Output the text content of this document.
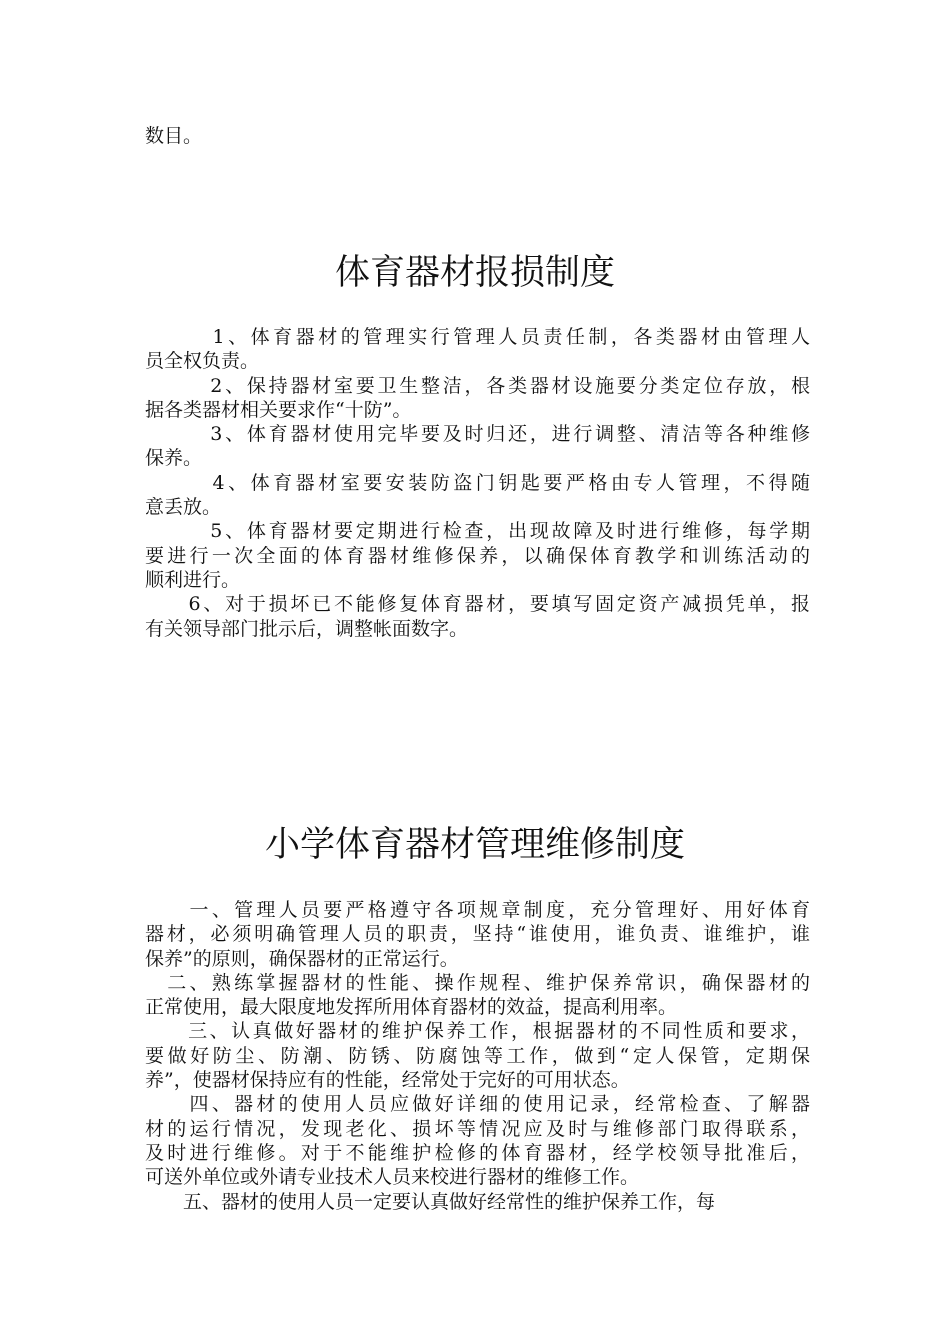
数目。

体育器材报损制度
　　　1、体育器材的管理实行管理人员责任制，各类器材由管理人
员全权负责。
　　　2、保持器材室要卫生整洁，各类器材设施要分类定位存放，根
据各类器材相关要求作“十防”。
　　　3、体育器材使用完毕要及时归还，进行调整、清洁等各种维修
保养。
　　　4、体育器材室要安装防盗门钥匙要严格由专人管理，不得随
意丢放。
　　　5、体育器材要定期进行检查，出现故障及时进行维修，每学期
要进行一次全面的体育器材维修保养，以确保体育教学和训练活动的
顺利进行。
　　6、对于损坏已不能修复体育器材，要填写固定资产减损凭单，报
有关领导部门批示后，调整帐面数字。
小学体育器材管理维修制度
　　一、管理人员要严格遵守各项规章制度，充分管理好、用好体育
器材，必须明确管理人员的职责，坚持“谁使用，谁负责、谁维护，谁
保养”的原则，确保器材的正常运行。
　二、熟练掌握器材的性能、操作规程、维护保养常识，确保器材的
正常使用，最大限度地发挥所用体育器材的效益，提高利用率。
　　三、认真做好器材的维护保养工作，根据器材的不同性质和要求，
要做好防尘、防潮、防锈、防腐蚀等工作，做到“定人保管，定期保
养”，使器材保持应有的性能，经常处于完好的可用状态。
　　四、器材的使用人员应做好详细的使用记录，经常检查、了解器
材的运行情况，发现老化、损坏等情况应及时与维修部门取得联系，
及时进行维修。对于不能维护检修的体育器材，经学校领导批准后，
可送外单位或外请专业技术人员来校进行器材的维修工作。
　　五、器材的使用人员一定要认真做好经常性的维护保养工作，每
